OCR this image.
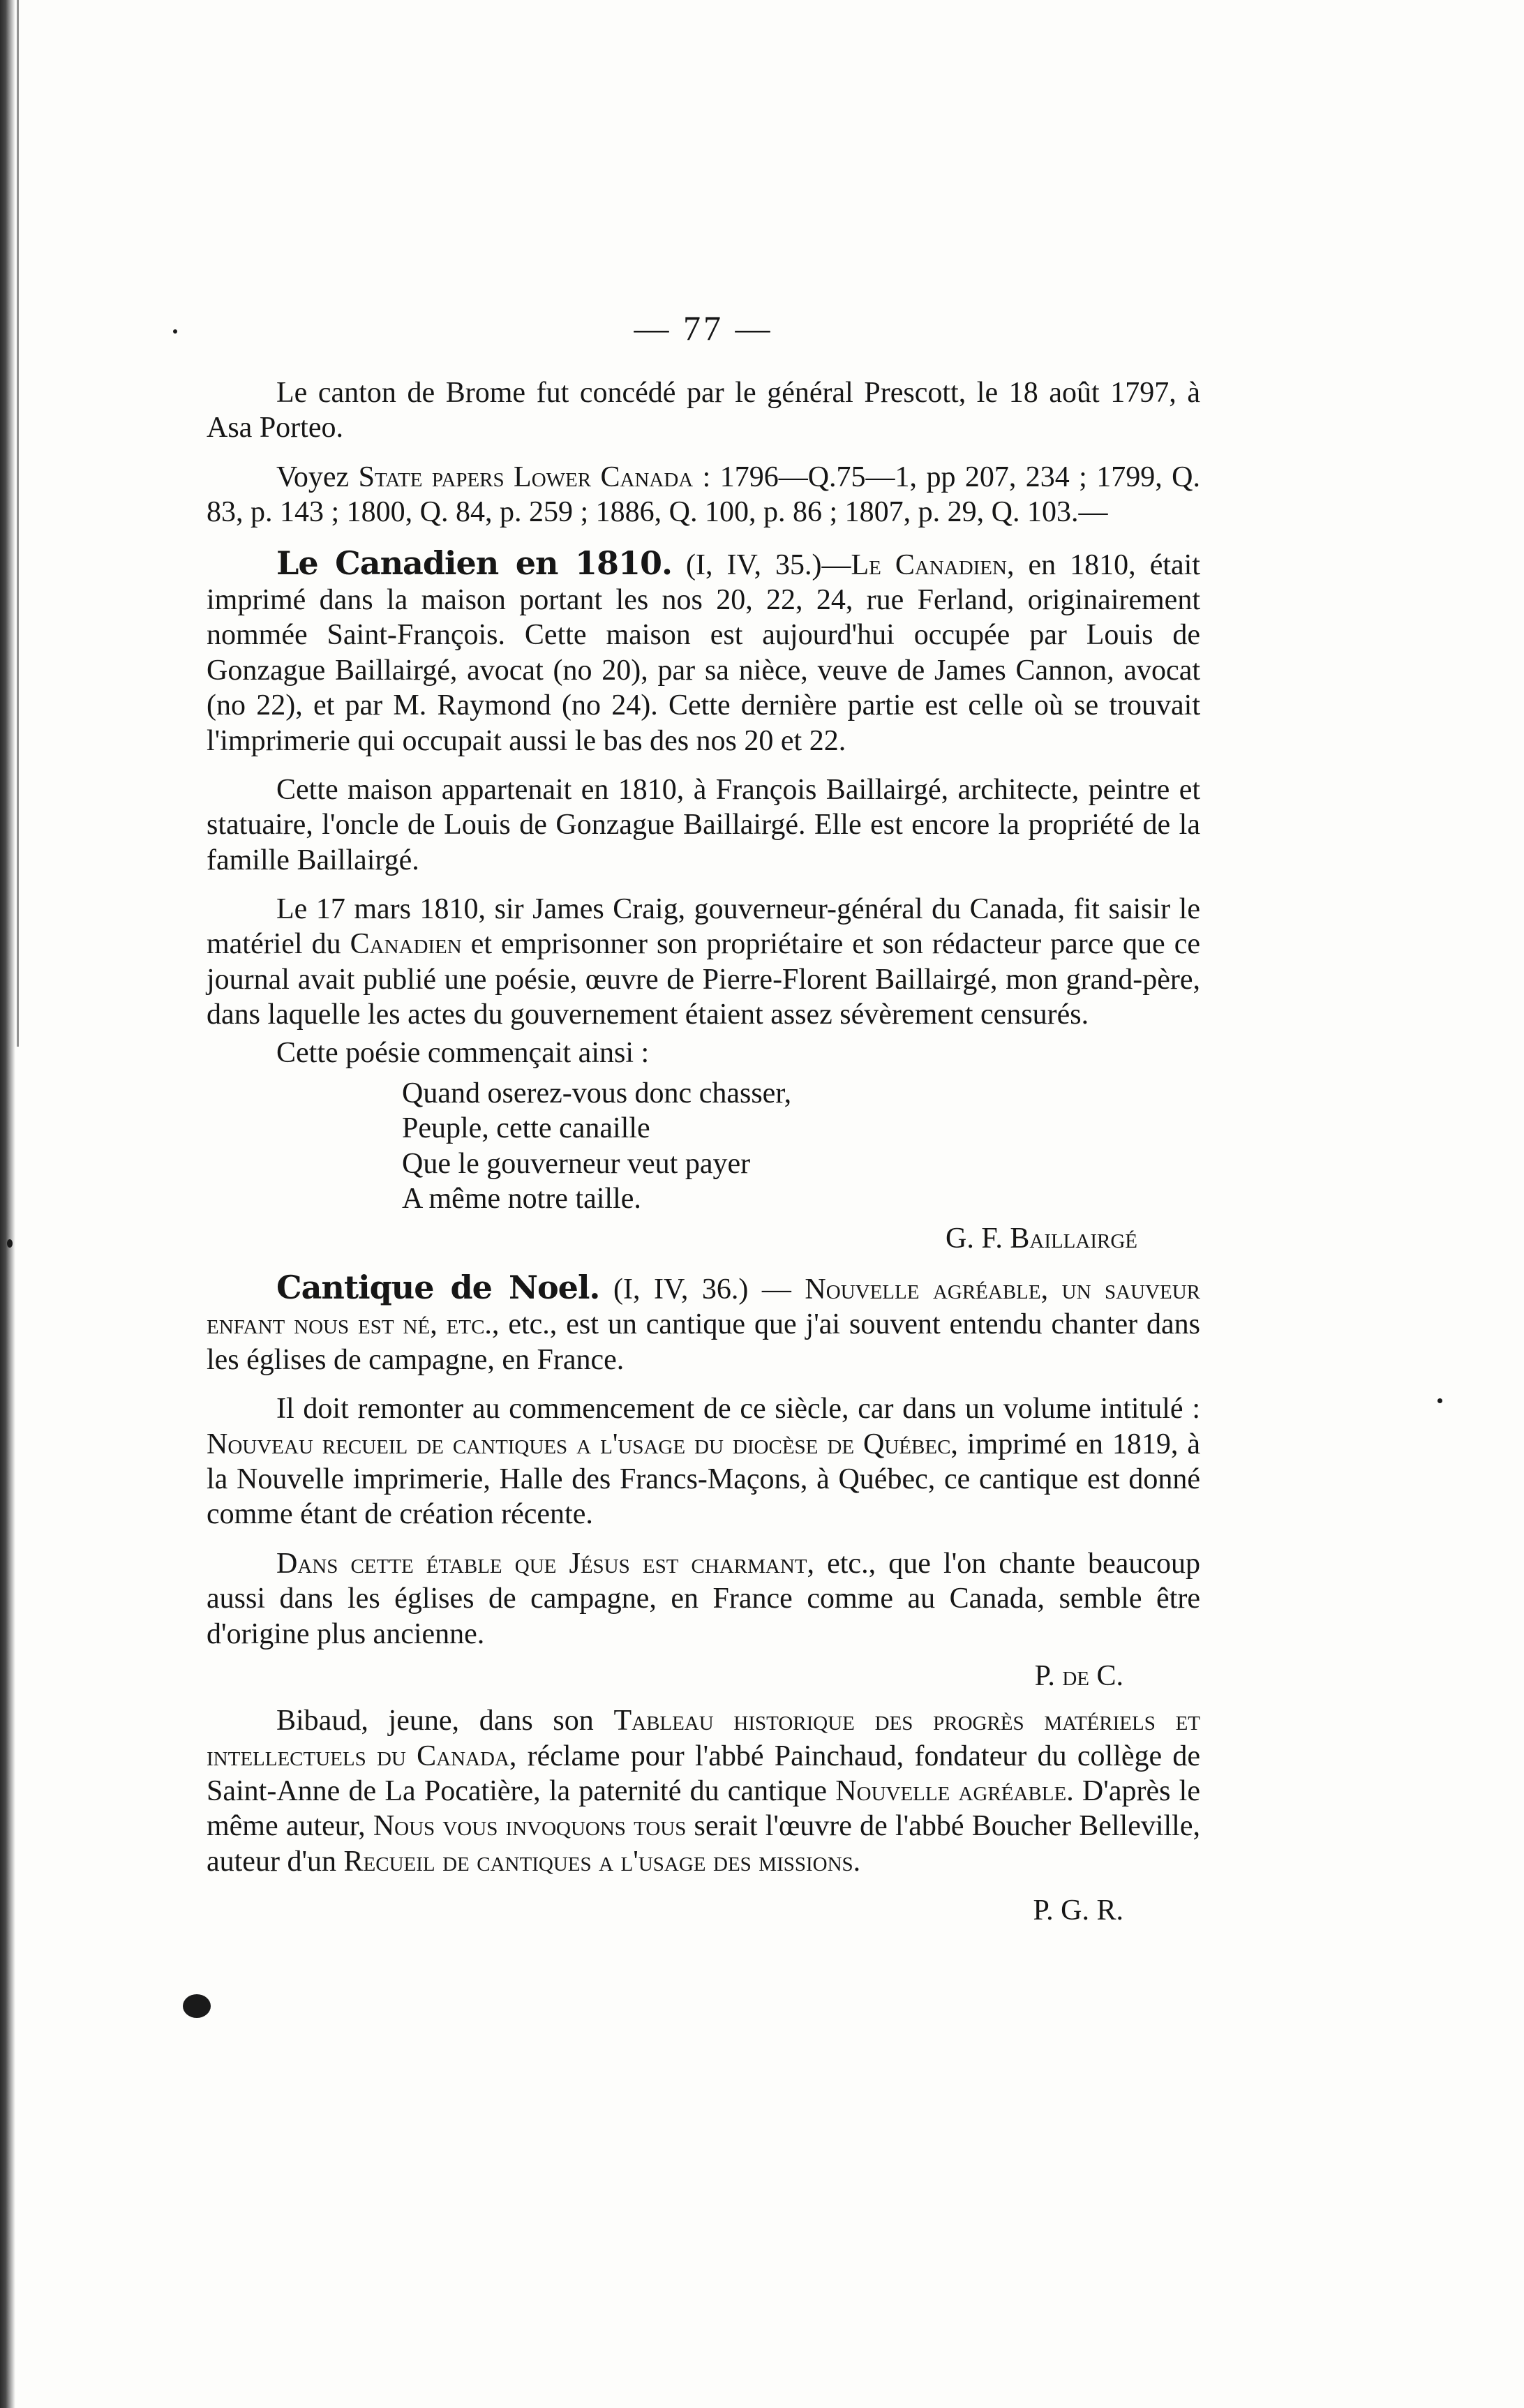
— 77 —

Le canton de Brome fut concédé par le général Prescott, le 18 août 1797, à Asa Porteo.

Voyez State papers Lower Canada : 1796—Q.75—1, pp 207, 234 ; 1799, Q. 83, p. 143 ; 1800, Q. 84, p. 259 ; 1886, Q. 100, p. 86 ; 1807, p. 29, Q. 103.—

Le Canadien en 1810. (I, IV, 35.)—Le Canadien, en 1810, était imprimé dans la maison portant les nos 20, 22, 24, rue Ferland, originairement nommée Saint-François. Cette maison est aujourd'hui occupée par Louis de Gonzague Baillairgé, avocat (no 20), par sa nièce, veuve de James Cannon, avocat (no 22), et par M. Raymond (no 24). Cette dernière partie est celle où se trouvait l'imprimerie qui occupait aussi le bas des nos 20 et 22.

Cette maison appartenait en 1810, à François Baillairgé, architecte, peintre et statuaire, l'oncle de Louis de Gonzague Baillairgé. Elle est encore la propriété de la famille Baillairgé.

Le 17 mars 1810, sir James Craig, gouverneur-général du Canada, fit saisir le matériel du Canadien et emprisonner son propriétaire et son rédacteur parce que ce journal avait publié une poésie, œuvre de Pierre-Florent Baillairgé, mon grand-père, dans laquelle les actes du gouvernement étaient assez sévèrement censurés.

Cette poésie commençait ainsi :

Quand oserez-vous donc chasser,
Peuple, cette canaille
Que le gouverneur veut payer
A même notre taille.
G. F. Baillairgé

Cantique de Noel. (I, IV, 36.) — Nouvelle agréable, un sauveur enfant nous est né, etc., etc., est un cantique que j'ai souvent entendu chanter dans les églises de campagne, en France.

Il doit remonter au commencement de ce siècle, car dans un volume intitulé : Nouveau recueil de cantiques a l'usage du diocèse de Québec, imprimé en 1819, à la Nouvelle imprimerie, Halle des Francs-Maçons, à Québec, ce cantique est donné comme étant de création récente.

Dans cette étable que Jésus est charmant, etc., que l'on chante beaucoup aussi dans les églises de campagne, en France comme au Canada, semble être d'origine plus ancienne.

P. de C.

Bibaud, jeune, dans son Tableau historique des progrès matériels et intellectuels du Canada, réclame pour l'abbé Painchaud, fondateur du collège de Saint-Anne de La Pocatière, la paternité du cantique Nouvelle agréable. D'après le même auteur, Nous vous invoquons tous serait l'œuvre de l'abbé Boucher Belleville, auteur d'un Recueil de cantiques a l'usage des missions.

P. G. R.
